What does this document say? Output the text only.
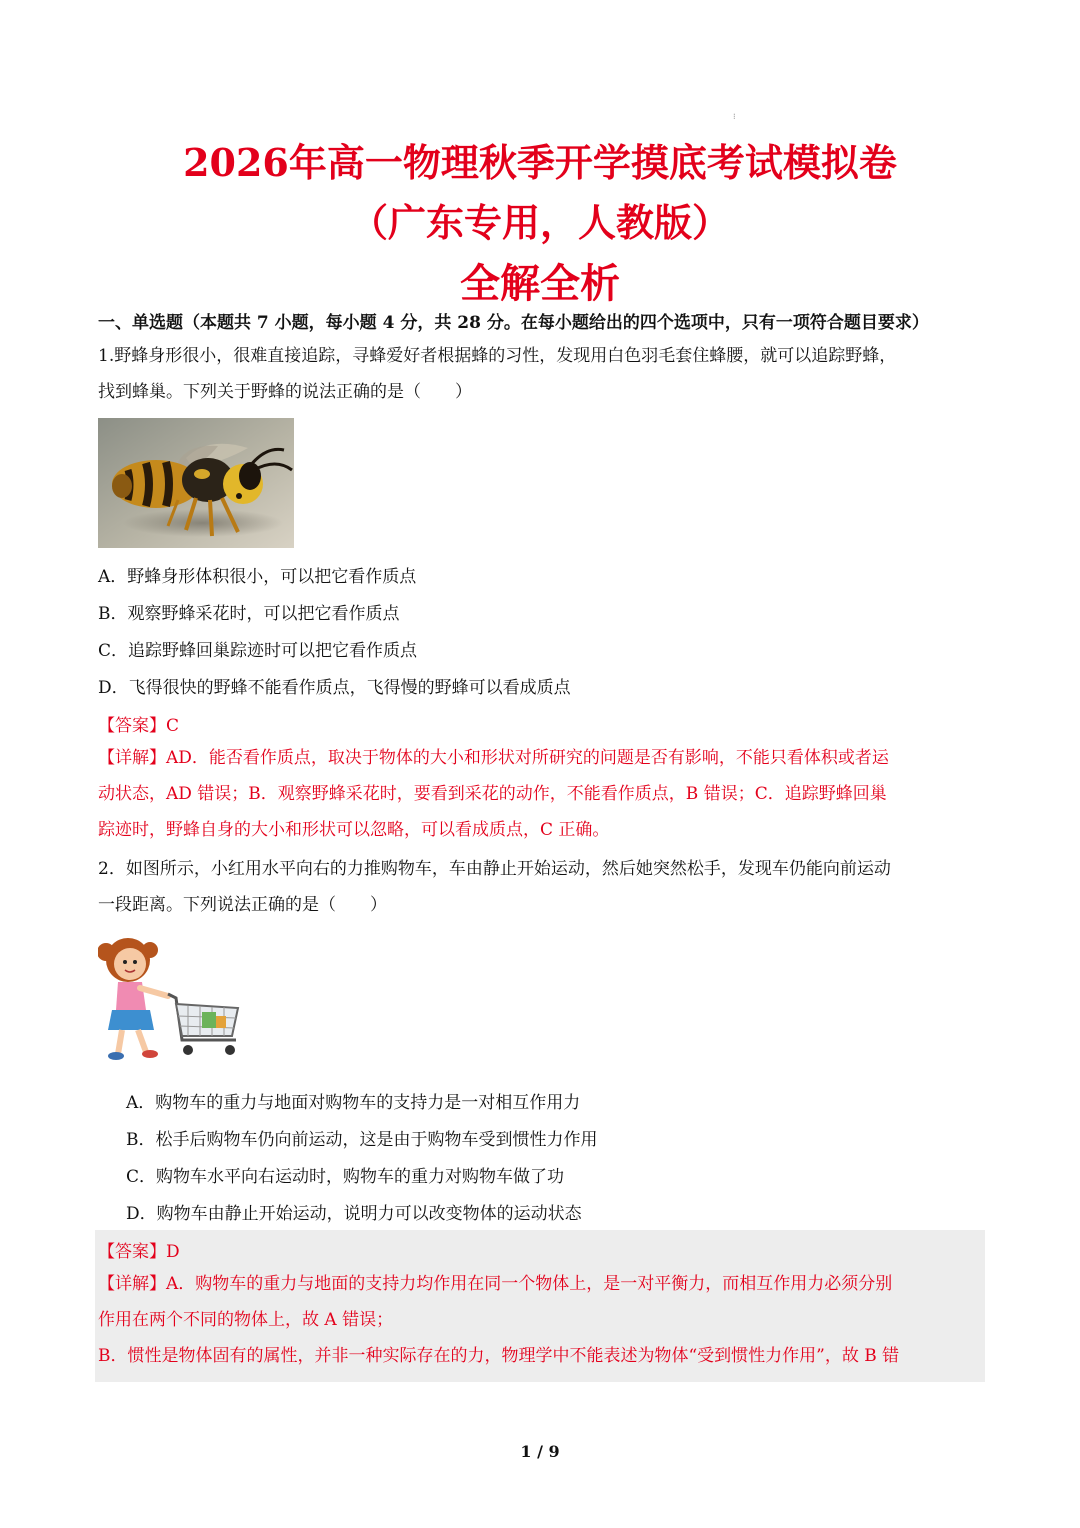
⁝
2026年高一物理秋季开学摸底考试模拟卷
（广东专用，人教版）
全解全析
一、单选题（本题共 7 小题，每小题 4 分，共 28 分。在每小题给出的四个选项中，只有一项符合题目要求）
1.野蜂身形很小，很难直接追踪，寻蜂爱好者根据蜂的习性，发现用白色羽毛套住蜂腰，就可以追踪野蜂，
找到蜂巢。下列关于野蜂的说法正确的是（　　）
A．野蜂身形体积很小，可以把它看作质点
B．观察野蜂采花时，可以把它看作质点
C．追踪野蜂回巢踪迹时可以把它看作质点
D．飞得很快的野蜂不能看作质点，飞得慢的野蜂可以看成质点
【答案】C
【详解】AD．能否看作质点，取决于物体的大小和形状对所研究的问题是否有影响，不能只看体积或者运
动状态，AD 错误；B．观察野蜂采花时，要看到采花的动作，不能看作质点，B 错误；C．追踪野蜂回巢
踪迹时，野蜂自身的大小和形状可以忽略，可以看成质点，C 正确。
2．如图所示，小红用水平向右的力推购物车，车由静止开始运动，然后她突然松手，发现车仍能向前运动
一段距离。下列说法正确的是（　　）
A．购物车的重力与地面对购物车的支持力是一对相互作用力
B．松手后购物车仍向前运动，这是由于购物车受到惯性力作用
C．购物车水平向右运动时，购物车的重力对购物车做了功
D．购物车由静止开始运动，说明力可以改变物体的运动状态
【答案】D
【详解】A．购物车的重力与地面的支持力均作用在同一个物体上，是一对平衡力，而相互作用力必须分别
作用在两个不同的物体上，故 A 错误；
B．惯性是物体固有的属性，并非一种实际存在的力，物理学中不能表述为物体“受到惯性力作用”，故 B 错
1 / 9
